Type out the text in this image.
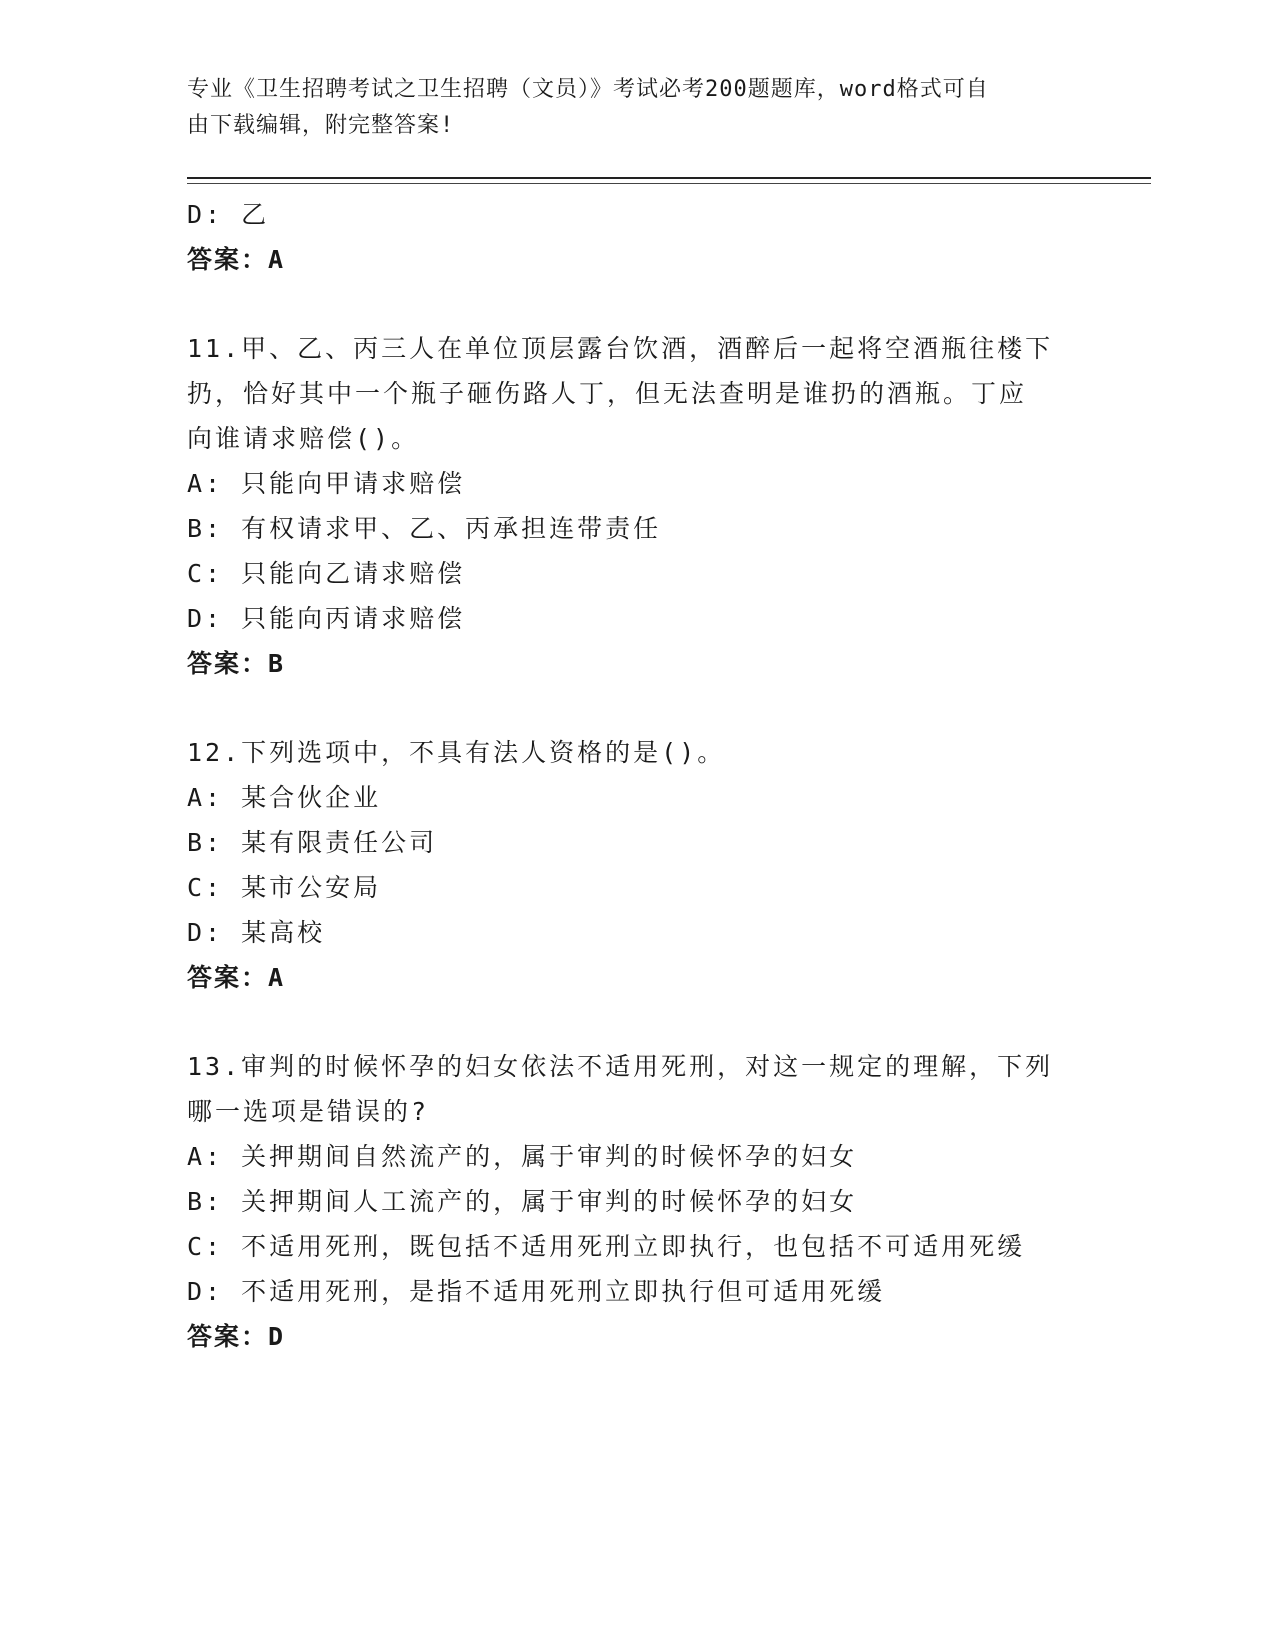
专业《卫生招聘考试之卫生招聘（文员）》考试必考200题题库，word格式可自
由下载编辑，附完整答案!
D: 乙
答案：A
11.甲、乙、丙三人在单位顶层露台饮酒，酒醉后一起将空酒瓶往楼下
扔，恰好其中一个瓶子砸伤路人丁，但无法查明是谁扔的酒瓶。丁应
向谁请求赔偿()。
A: 只能向甲请求赔偿
B: 有权请求甲、乙、丙承担连带责任
C: 只能向乙请求赔偿
D: 只能向丙请求赔偿
答案：B
12.下列选项中，不具有法人资格的是()。
A: 某合伙企业
B: 某有限责任公司
C: 某市公安局
D: 某高校
答案：A
13.审判的时候怀孕的妇女依法不适用死刑，对这一规定的理解，下列
哪一选项是错误的?
A: 关押期间自然流产的，属于审判的时候怀孕的妇女
B: 关押期间人工流产的，属于审判的时候怀孕的妇女
C: 不适用死刑，既包括不适用死刑立即执行，也包括不可适用死缓
D: 不适用死刑，是指不适用死刑立即执行但可适用死缓
答案：D
